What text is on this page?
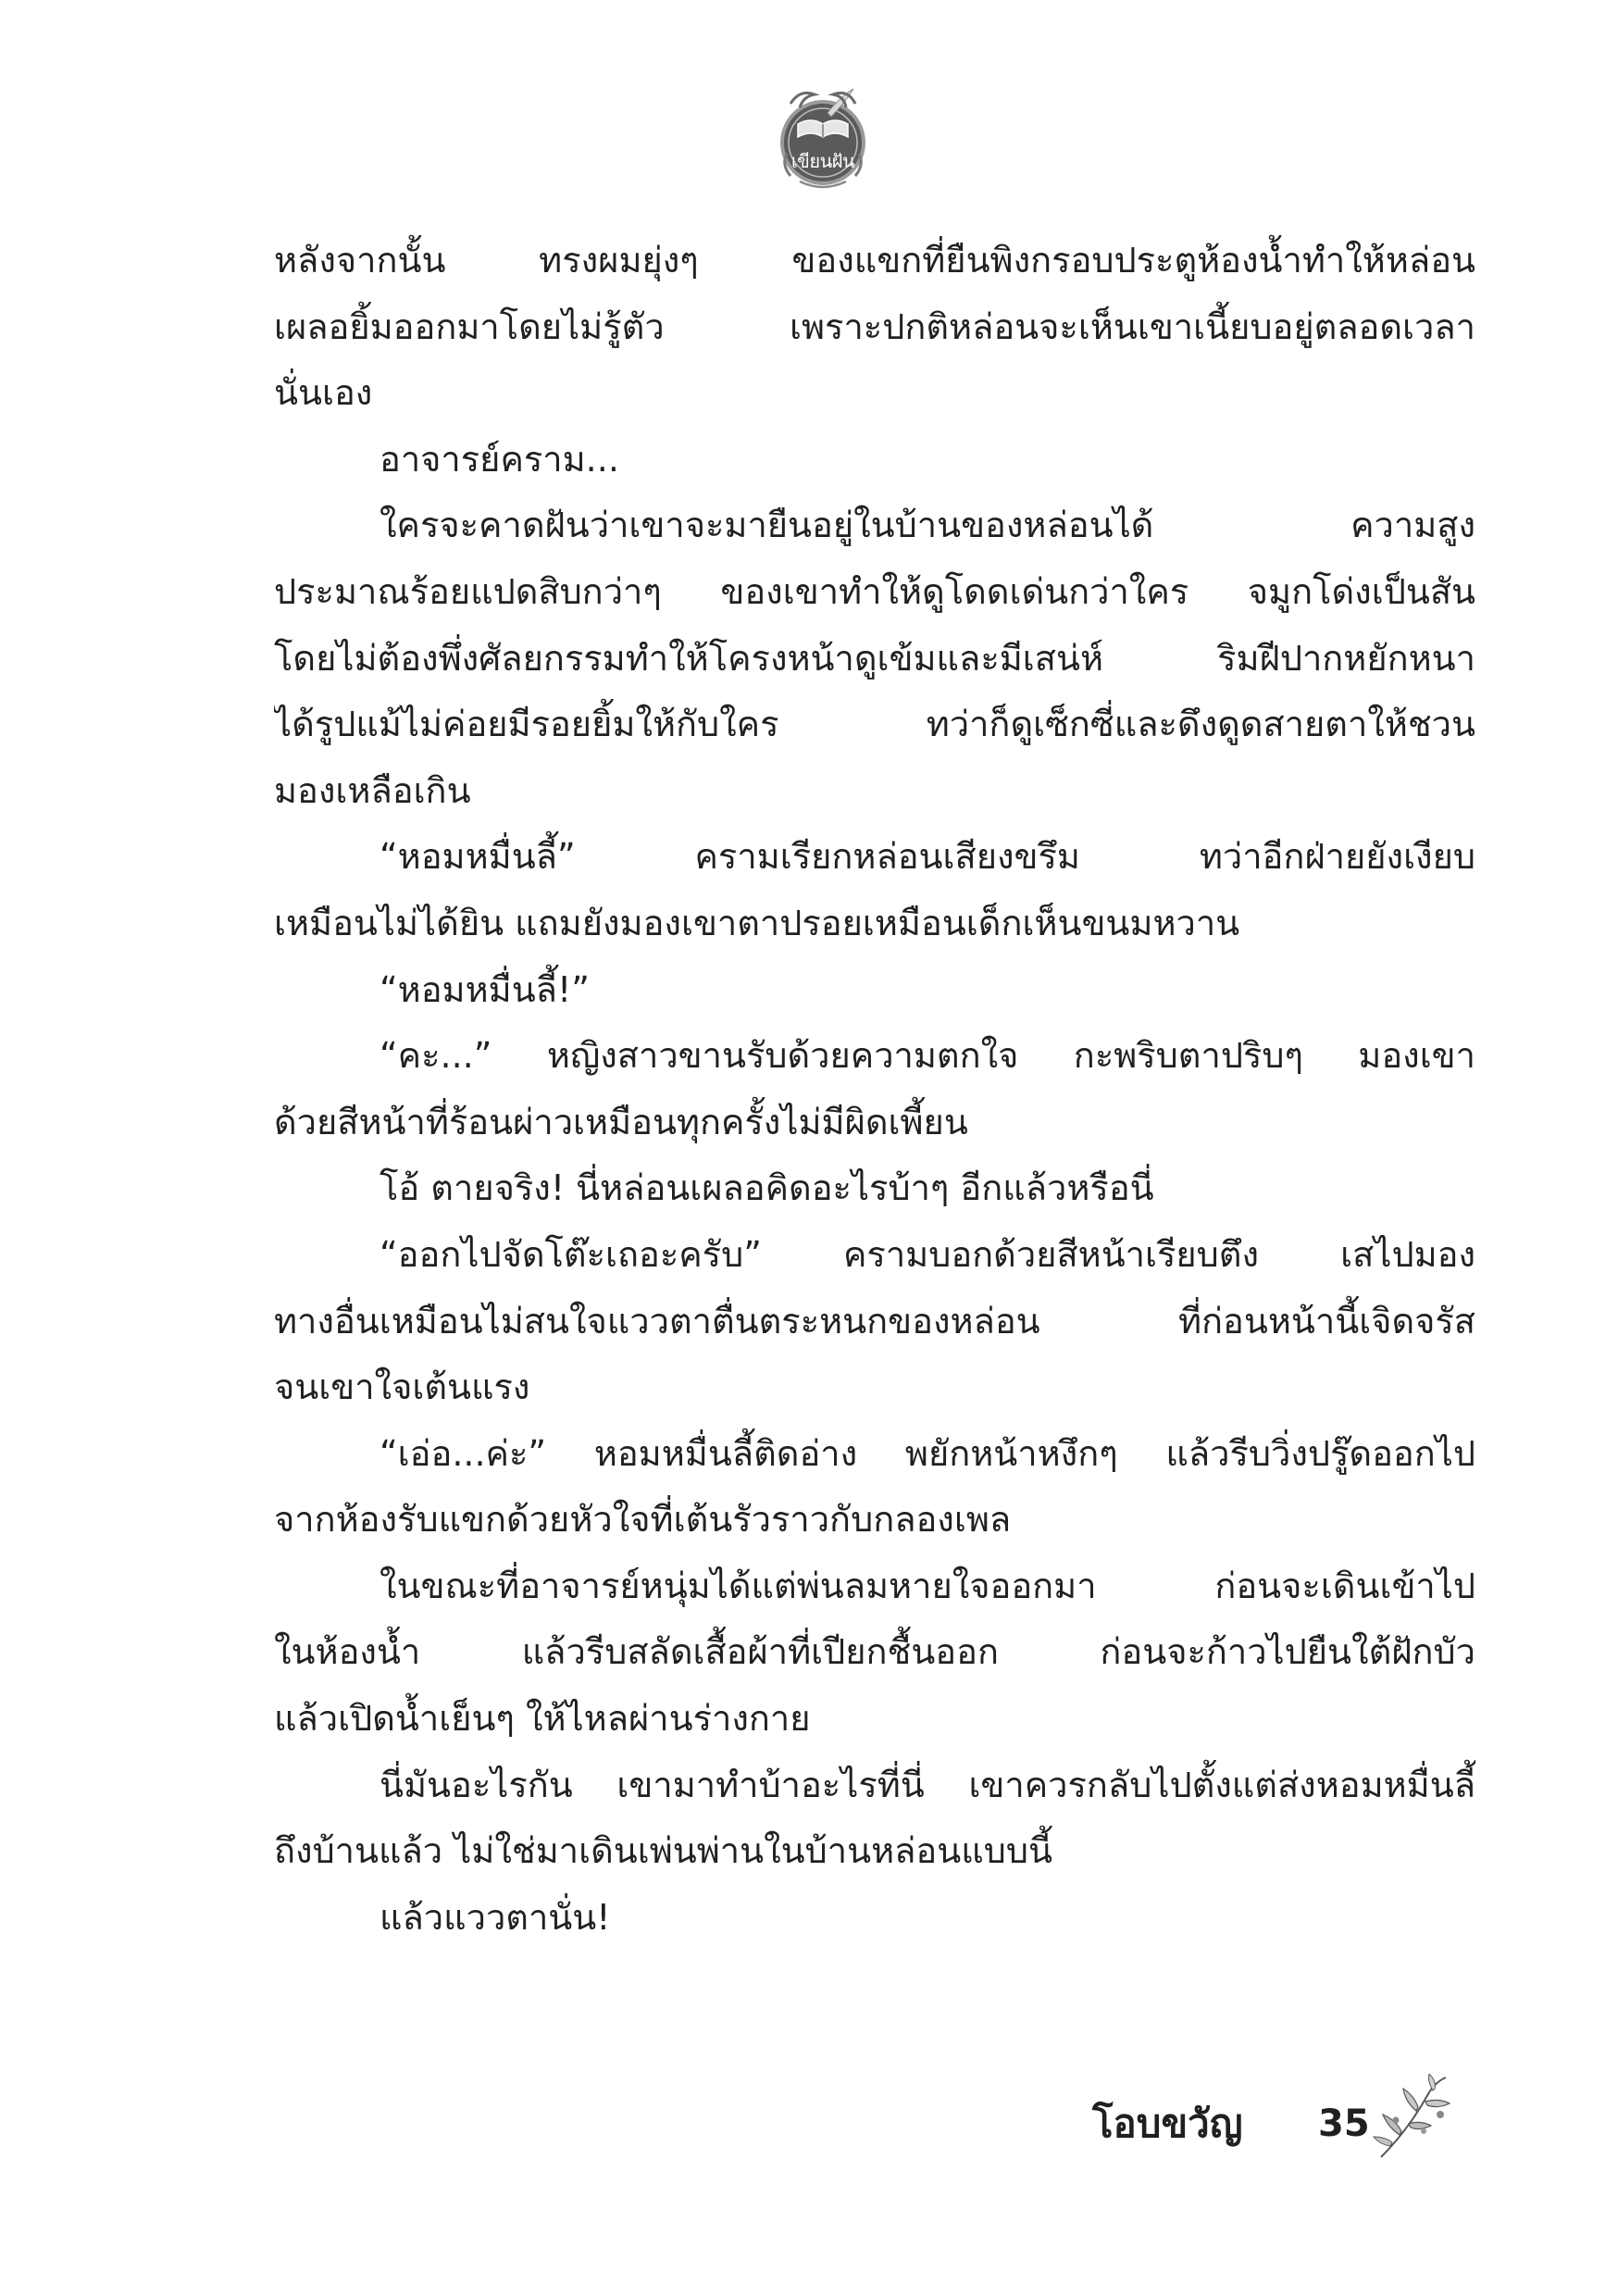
เขียนฝัน
หลังจากนั้น ทรงผมยุ่งๆ ของแขกที่ยืนพิงกรอบประตูห้องน้ำทำให้หล่อน
เผลอยิ้มออกมาโดยไม่รู้ตัว เพราะปกติหล่อนจะเห็นเขาเนี้ยบอยู่ตลอดเวลา
นั่นเอง
อาจารย์คราม...
ใครจะคาดฝันว่าเขาจะมายืนอยู่ในบ้านของหล่อนได้ ความสูง
ประมาณร้อยแปดสิบกว่าๆ ของเขาทำให้ดูโดดเด่นกว่าใคร จมูกโด่งเป็นสัน
โดยไม่ต้องพึ่งศัลยกรรมทำให้โครงหน้าดูเข้มและมีเสน่ห์ ริมฝีปากหยักหนา
ได้รูปแม้ไม่ค่อยมีรอยยิ้มให้กับใคร ทว่าก็ดูเซ็กซี่และดึงดูดสายตาให้ชวน
มองเหลือเกิน
“หอมหมื่นลี้” ครามเรียกหล่อนเสียงขรึม ทว่าอีกฝ่ายยังเงียบ
เหมือนไม่ได้ยิน แถมยังมองเขาตาปรอยเหมือนเด็กเห็นขนมหวาน
“หอมหมื่นลี้!”
“คะ...” หญิงสาวขานรับด้วยความตกใจ กะพริบตาปริบๆ มองเขา
ด้วยสีหน้าที่ร้อนผ่าวเหมือนทุกครั้งไม่มีผิดเพี้ยน
โอ้ ตายจริง! นี่หล่อนเผลอคิดอะไรบ้าๆ อีกแล้วหรือนี่
“ออกไปจัดโต๊ะเถอะครับ” ครามบอกด้วยสีหน้าเรียบตึง เสไปมอง
ทางอื่นเหมือนไม่สนใจแววตาตื่นตระหนกของหล่อน ที่ก่อนหน้านี้เจิดจรัส
จนเขาใจเต้นแรง
“เอ่อ...ค่ะ” หอมหมื่นลี้ติดอ่าง พยักหน้าหงึกๆ แล้วรีบวิ่งปรู๊ดออกไป
จากห้องรับแขกด้วยหัวใจที่เต้นรัวราวกับกลองเพล
ในขณะที่อาจารย์หนุ่มได้แต่พ่นลมหายใจออกมา ก่อนจะเดินเข้าไป
ในห้องน้ำ แล้วรีบสลัดเสื้อผ้าที่เปียกชื้นออก ก่อนจะก้าวไปยืนใต้ฝักบัว
แล้วเปิดน้ำเย็นๆ ให้ไหลผ่านร่างกาย
นี่มันอะไรกัน เขามาทำบ้าอะไรที่นี่ เขาควรกลับไปตั้งแต่ส่งหอมหมื่นลี้
ถึงบ้านแล้ว ไม่ใช่มาเดินเพ่นพ่านในบ้านหล่อนแบบนี้
แล้วแววตานั่น!
โอบขวัญ 35
